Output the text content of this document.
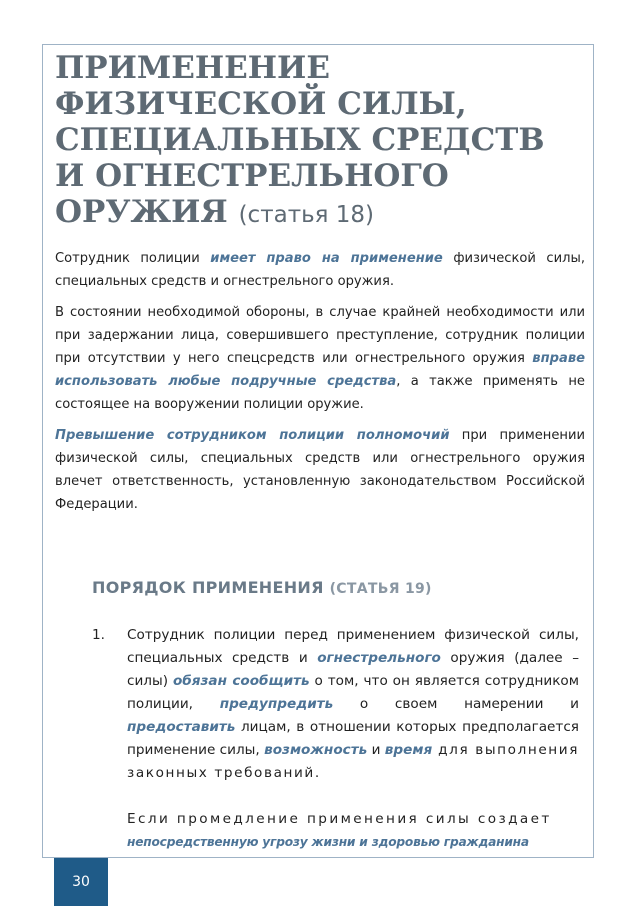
ПРИМЕНЕНИЕ
ФИЗИЧЕСКОЙ СИЛЫ,
СПЕЦИАЛЬНЫХ СРЕДСТВ
И ОГНЕСТРЕЛЬНОГО
ОРУЖИЯ (статья 18)

Сотрудник полиции имеет право на применение физической силы, специальных средств и огнестрельного оружия.

В состоянии необходимой обороны, в случае крайней необходимости или при задержании лица, совершившего преступление, сотрудник полиции при отсутствии у него спецсредств или огнестрельного оружия вправе использовать любые подручные средства, а также применять не состоящее на вооружении полиции оружие.

Превышение сотрудником полиции полномочий при применении физической силы, специальных средств или огнестрельного оружия влечет ответственность, установленную законодательством Российской Федерации.

ПОРЯДОК ПРИМЕНЕНИЯ (СТАТЬЯ 19)
1. Сотрудник полиции перед применением физической силы, специальных средств и огнестрельного оружия (далее – силы) обязан сообщить о том, что он является сотрудником полиции, предупредить о своем намерении и предоставить лицам, в отношении которых предполагается применение силы, возможность и время для выполнения законных требований.
Если промедление применения силы создает
непосредственную угрозу жизни и здоровью гражданина
30
